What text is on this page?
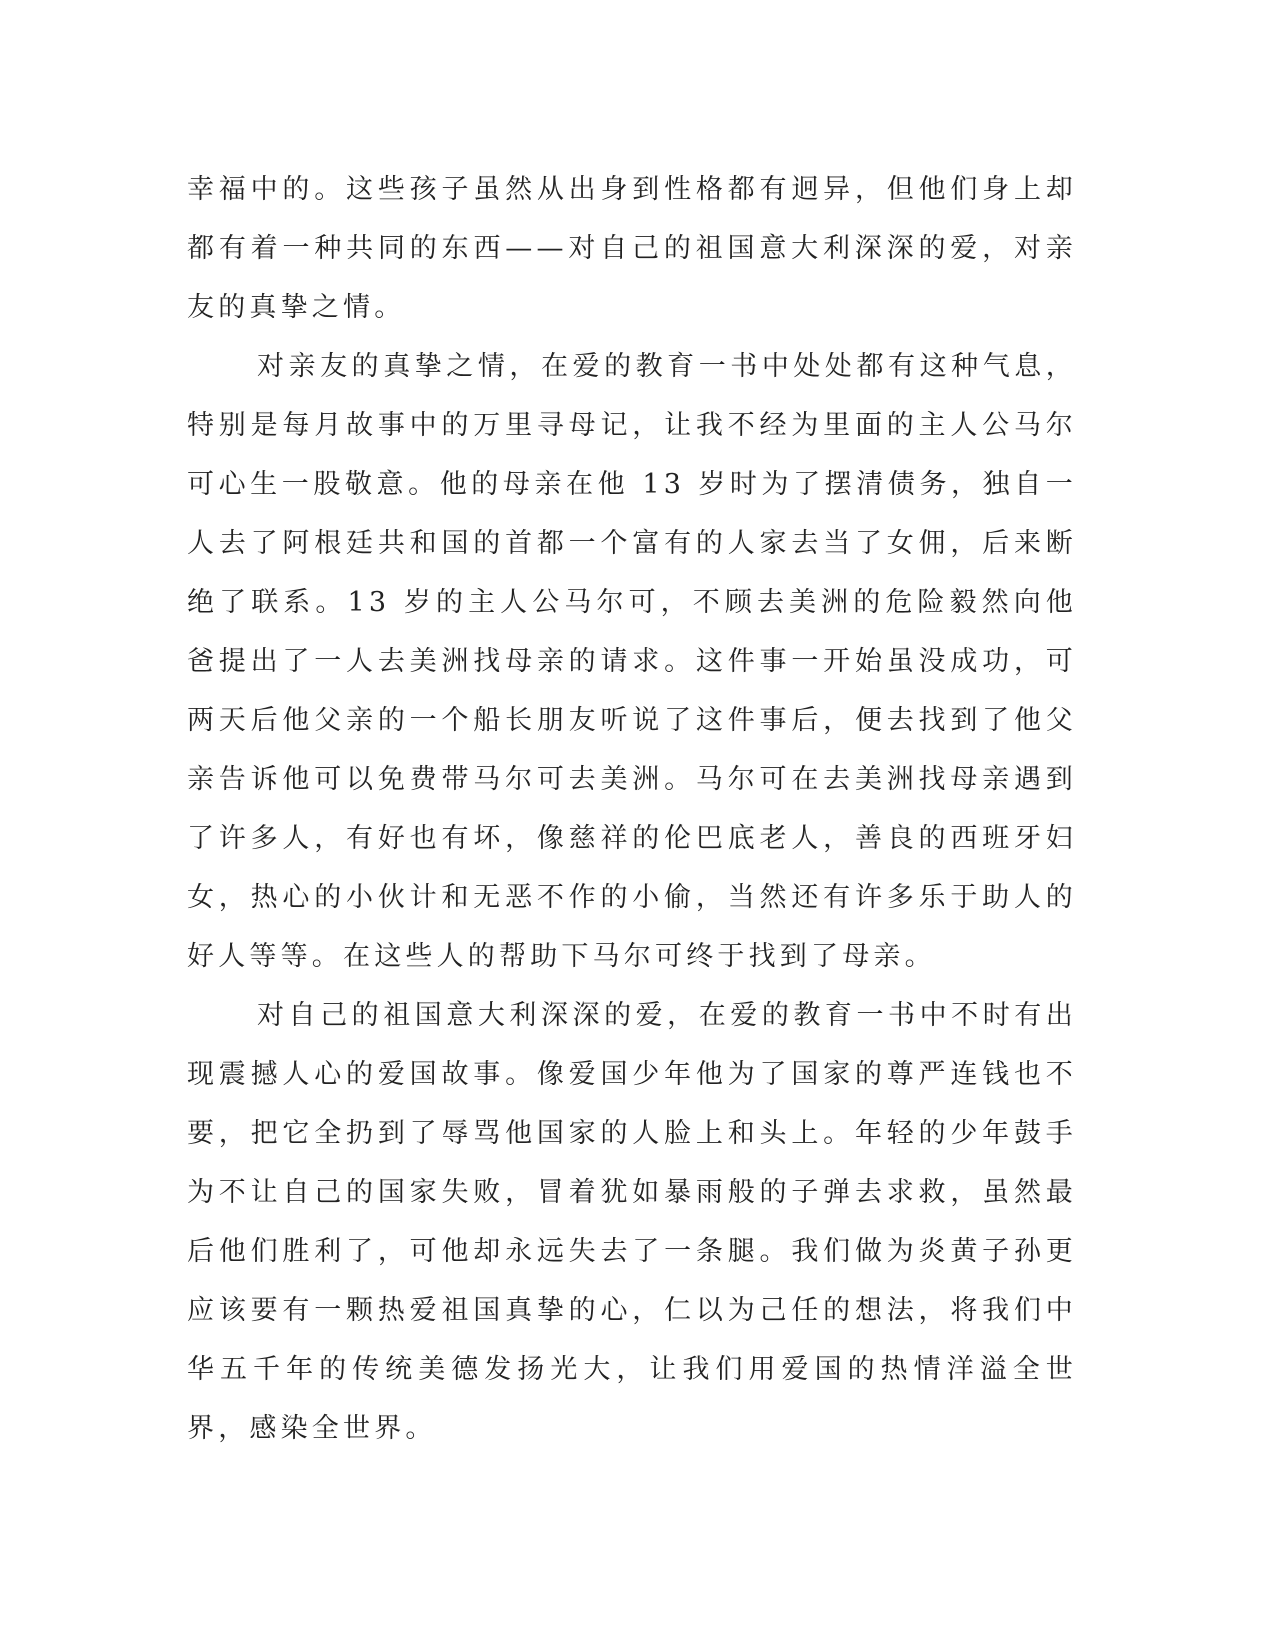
幸福中的。这些孩子虽然从出身到性格都有迥异，但他们身上却都有着一种共同的东西——对自己的祖国意大利深深的爱，对亲友的真挚之情。

对亲友的真挚之情，在爱的教育一书中处处都有这种气息，特别是每月故事中的万里寻母记，让我不经为里面的主人公马尔可心生一股敬意。他的母亲在他 13 岁时为了摆清债务，独自一人去了阿根廷共和国的首都一个富有的人家去当了女佣，后来断绝了联系。13 岁的主人公马尔可，不顾去美洲的危险毅然向他爸提出了一人去美洲找母亲的请求。这件事一开始虽没成功，可两天后他父亲的一个船长朋友听说了这件事后，便去找到了他父亲告诉他可以免费带马尔可去美洲。马尔可在去美洲找母亲遇到了许多人，有好也有坏，像慈祥的伦巴底老人，善良的西班牙妇女，热心的小伙计和无恶不作的小偷，当然还有许多乐于助人的好人等等。在这些人的帮助下马尔可终于找到了母亲。

对自己的祖国意大利深深的爱，在爱的教育一书中不时有出现震撼人心的爱国故事。像爱国少年他为了国家的尊严连钱也不要，把它全扔到了辱骂他国家的人脸上和头上。年轻的少年鼓手为不让自己的国家失败，冒着犹如暴雨般的子弹去求救，虽然最后他们胜利了，可他却永远失去了一条腿。我们做为炎黄子孙更应该要有一颗热爱祖国真挚的心，仁以为己任的想法，将我们中华五千年的传统美德发扬光大，让我们用爱国的热情洋溢全世界，感染全世界。
